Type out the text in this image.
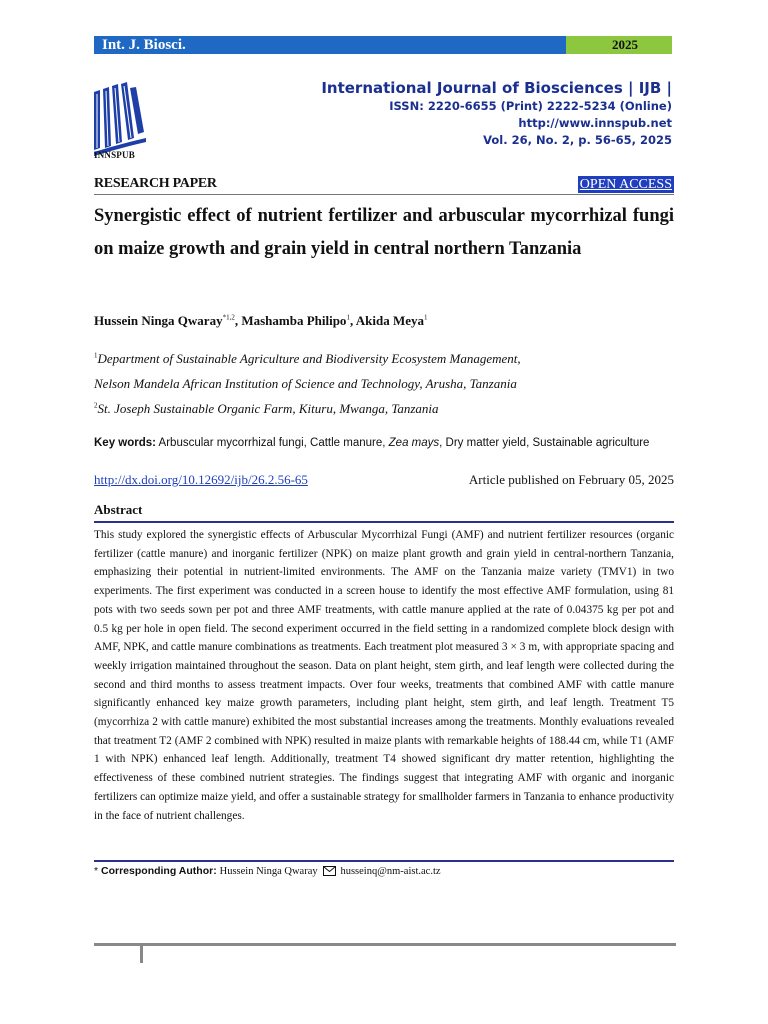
Int. J. Biosci.	2025
INNSPUB
International Journal of Biosciences | IJB |
ISSN: 2220-6655 (Print) 2222-5234 (Online)
http://www.innspub.net
Vol. 26, No. 2, p. 56-65, 2025
RESEARCH PAPER	OPEN ACCESS
Synergistic effect of nutrient fertilizer and arbuscular mycorrhizal fungi on maize growth and grain yield in central northern Tanzania
Hussein Ninga Qwaray$^{*1,2}$, Mashamba Philipo$^1$, Akida Meya$^1$
$^1$Department of Sustainable Agriculture and Biodiversity Ecosystem Management,
Nelson Mandela African Institution of Science and Technology, Arusha, Tanzania
$^2$St. Joseph Sustainable Organic Farm, Kituru, Mwanga, Tanzania
Key words: Arbuscular mycorrhizal fungi, Cattle manure, Zea mays, Dry matter yield, Sustainable agriculture
http://dx.doi.org/10.12692/ijb/26.2.56-65	Article published on February 05, 2025
Abstract
This study explored the synergistic effects of Arbuscular Mycorrhizal Fungi (AMF) and nutrient fertilizer resources (organic fertilizer (cattle manure) and inorganic fertilizer (NPK) on maize plant growth and grain yield in central-northern Tanzania, emphasizing their potential in nutrient-limited environments. The AMF on the Tanzania maize variety (TMV1) in two experiments. The first experiment was conducted in a screen house to identify the most effective AMF formulation, using 81 pots with two seeds sown per pot and three AMF treatments, with cattle manure applied at the rate of 0.04375 kg per pot and 0.5 kg per hole in open field. The second experiment occurred in the field setting in a randomized complete block design with AMF, NPK, and cattle manure combinations as treatments. Each treatment plot measured 3 × 3 m, with appropriate spacing and weekly irrigation maintained throughout the season. Data on plant height, stem girth, and leaf length were collected during the second and third months to assess treatment impacts. Over four weeks, treatments that combined AMF with cattle manure significantly enhanced key maize growth parameters, including plant height, stem girth, and leaf length. Treatment T5 (mycorrhiza 2 with cattle manure) exhibited the most substantial increases among the treatments. Monthly evaluations revealed that treatment T2 (AMF 2 combined with NPK) resulted in maize plants with remarkable heights of 188.44 cm, while T1 (AMF 1 with NPK) enhanced leaf length. Additionally, treatment T4 showed significant dry matter retention, highlighting the effectiveness of these combined nutrient strategies. The findings suggest that integrating AMF with organic and inorganic fertilizers can optimize maize yield, and offer a sustainable strategy for smallholder farmers in Tanzania to enhance productivity in the face of nutrient challenges.
* Corresponding Author: Hussein Ninga Qwaray husseinq@nm-aist.ac.tz
